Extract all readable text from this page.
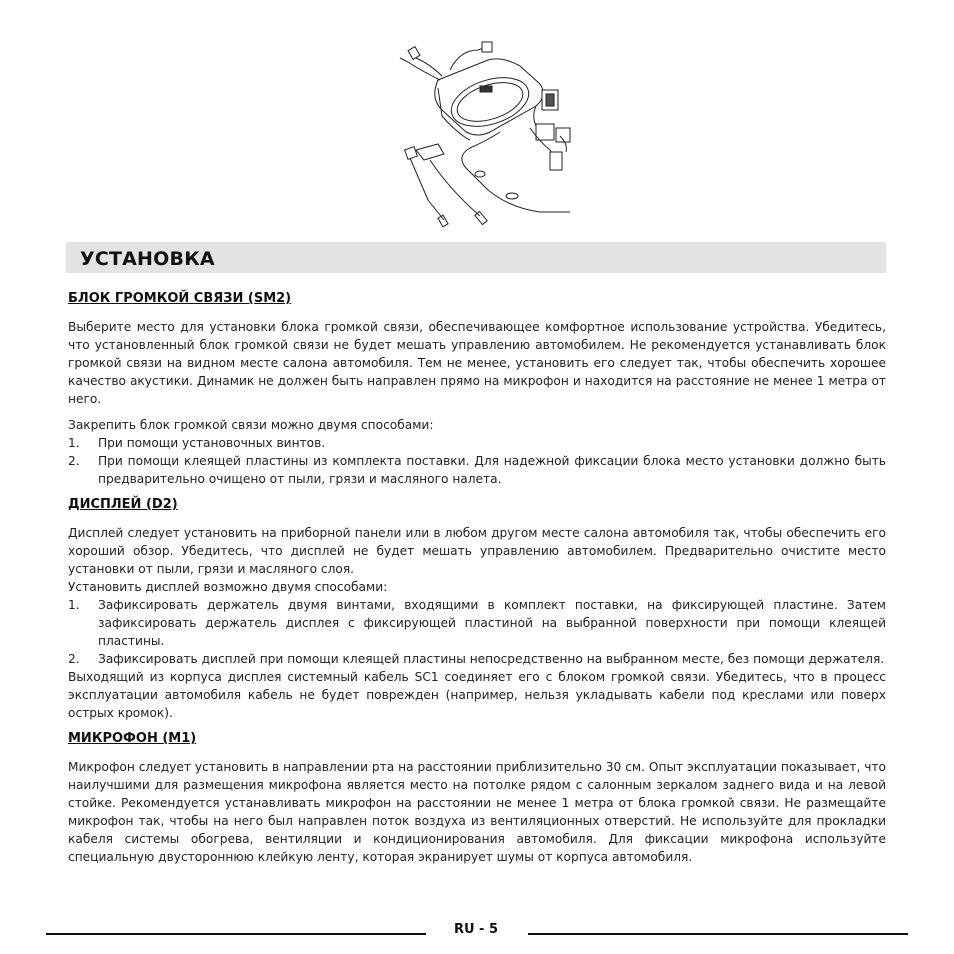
УСТАНОВКА
БЛОК ГРОМКОЙ СВЯЗИ (SM2)

Выберите место для установки блока громкой связи, обеспечивающее комфортное использование устройства. Убедитесь, что установленный блок громкой связи не будет мешать управлению автомобилем. Не рекомендуется устанавливать блок громкой связи на видном месте салона автомобиля. Тем не менее, установить его следует так, чтобы обеспечить хорошее качество акустики. Динамик не должен быть направлен прямо на микрофон и находится на расстояние не менее 1 метра от него.

Закрепить блок громкой связи можно двумя способами:

1. При помощи установочных винтов.
2. При помощи клеящей пластины из комплекта поставки. Для надежной фиксации блока место установки должно быть предварительно очищено от пыли, грязи и масляного налета.
ДИСПЛЕЙ (D2)

Дисплей следует установить на приборной панели или в любом другом месте салона автомобиля так, чтобы обеспечить его хороший обзор. Убедитесь, что дисплей не будет мешать управлению автомобилем. Предварительно очистите место установки от пыли, грязи и масляного слоя.

Установить дисплей возможно двумя способами:

1. Зафиксировать держатель двумя винтами, входящими в комплект поставки, на фиксирующей пластине. Затем зафиксировать держатель дисплея с фиксирующей пластиной на выбранной поверхности при помощи клеящей пластины.
2. Зафиксировать дисплей при помощи клеящей пластины непосредственно на выбранном месте, без помощи держателя.

Выходящий из корпуса дисплея системный кабель SC1 соединяет его с блоком громкой связи. Убедитесь, что в процесс эксплуатации автомобиля кабель не будет поврежден (например, нельзя укладывать кабели под креслами или поверх острых кромок).

МИКРОФОН (M1)

Микрофон следует установить в направлении рта на расстоянии приблизительно 30 см. Опыт эксплуатации показывает, что наилучшими для размещения микрофона является место на потолке рядом с салонным зеркалом заднего вида и на левой стойке. Рекомендуется устанавливать микрофон на расстоянии не менее 1 метра от блока громкой связи. Не размещайте микрофон так, чтобы на него был направлен поток воздуха из вентиляционных отверстий. Не используйте для прокладки кабеля системы обогрева, вентиляции и кондиционирования автомобиля. Для фиксации микрофона используйте специальную двустороннюю клейкую ленту, которая экранирует шумы от корпуса автомобиля.

RU - 5
